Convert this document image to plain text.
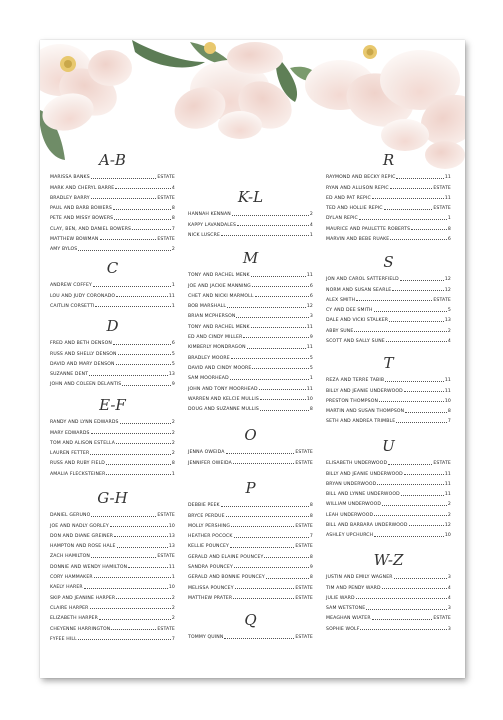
A-B
MARISSA BANKS	ESTATE
MARK AND CHERYL BARRE	4
BRADLEY BARRY	ESTATE
PAUL AND BARB BOWERS	8
PETE AND MISSY BOWERS	8
CLAY, BEN, AND DANIEL BOWERS	7
MATTHEW BOWMAN	ESTATE
AMY BYLOS	2
C
ANDREW COFFEY	1
LOU AND JUDY CORONADO	11
CAITLIN CORSETTI	1
D
FRED AND BETH DENSON	6
RUSS AND SHELLY DENSON	5
DAVID AND MARY DENSON	5
SUZANNE DENT	13
JOHN AND COLEEN DELANTIS	9
E-F
RANDY AND LYNN EDWARDS	2
MARY EDWARDS	2
TOM AND ALISON ESTELLA	2
LAUREN FETTER	2
RUSS AND RUBY FIELD	8
AMALIA FLECKSTEINER	1
G-H
DANIEL GERUNO	ESTATE
JOE AND NADLY GORLEY	10
DON AND DIANE GREINER	13
HAMPTON AND ROSE HALE	13
ZACH HAMILTON	ESTATE
DONNIE AND WENDY HAMILTON	11
CORY HAMMAKER	1
KAELY HARER	10
SKIP AND JEANINE HARPER	2
CLAIRE HARPER	2
ELIZABETH HARPER	2
CHEYENNE HARRINGTON	ESTATE
FYFEE HILL	7
K-L
HANNAH KENNAN	2
KAPPY LAVANDALES	4
NICK LUSCRE	1
M
TONY AND RACHEL MENK	11
JOE AND JACKIE MANNING	6
CHET AND NICKI MARMOLL	6
BOB MARSHALL	12
BRIAN MCPHERSON	3
TONY AND RACHEL MENK	11
ED AND CINDY MILLER	9
KIMBERLY MONDRAGON	11
BRADLEY MOORE	5
DAVID AND CINDY MOORE	5
SAM MOORHEAD	1
JOHN AND TONY MOORHEAD	11
WARREN AND KELCIE MULLIS	10
DOUG AND SUZANNE MULLIS	8
O
JENNA OWEIDA	ESTATE
JENNIFER OWEIDA	ESTATE
P
DEBBIE PEEK	8
BRYCE PERDUE	8
MOLLY PERSHING	ESTATE
HEATHER POCOCK	7
KELLIE POUNCEY	ESTATE
GERALD AND ELAINE POUNCEY	8
SANDRA POUNCEY	9
GERALD AND BONNIE POUNCEY	8
MELISSA POUNCEY	ESTATE
MATTHEW PRATER	ESTATE
Q
TOMMY QUINN	ESTATE
R
RAYMOND AND BECKY REPIC	11
RYAN AND ALLISON REPIC	ESTATE
ED AND PAT REPIC	11
TED AND HOLLIE REPIC	ESTATE
DYLAN REPIC	1
MAURICE AND PAULETTE ROBERTS	8
MARVIN AND BEBE RUAKE	6
S
JON AND CAROL SATTERFIELD	12
NORM AND SUSAN SEARLE	12
ALEX SMITH	ESTATE
CY AND DEE SMITH	5
DALE AND VICKI STALKER	13
ABBY SUNE	2
SCOTT AND SALLY SUNE	4
T
REZA AND TERRE TABIB	11
BILLY AND JEANIE UNDERWOOD	11
PRESTON THOMPSON	10
MARTIN AND SUSAN THOMPSON	8
SETH AND ANDREA TRIMBLE	7
U
ELISABETH UNDERWOOD	ESTATE
BILLY AND JEANIE UNDERWOOD	11
BRYAN UNDERWOOD	11
BILL AND LYNNE UNDERWOOD	11
WILLIAM UNDERWOOD	2
LEAH UNDERWOOD	2
BILL AND BARBARA UNDERWOOD	12
ASHLEY UPCHURCH	10
W-Z
JUSTIN AND EMILY WAGNER	3
TIM AND PENDY WARD	4
JULIE WARD	4
SAM WETSTONE	3
MEAGHAN WIATER	ESTATE
SOPHIE WOLF	3
